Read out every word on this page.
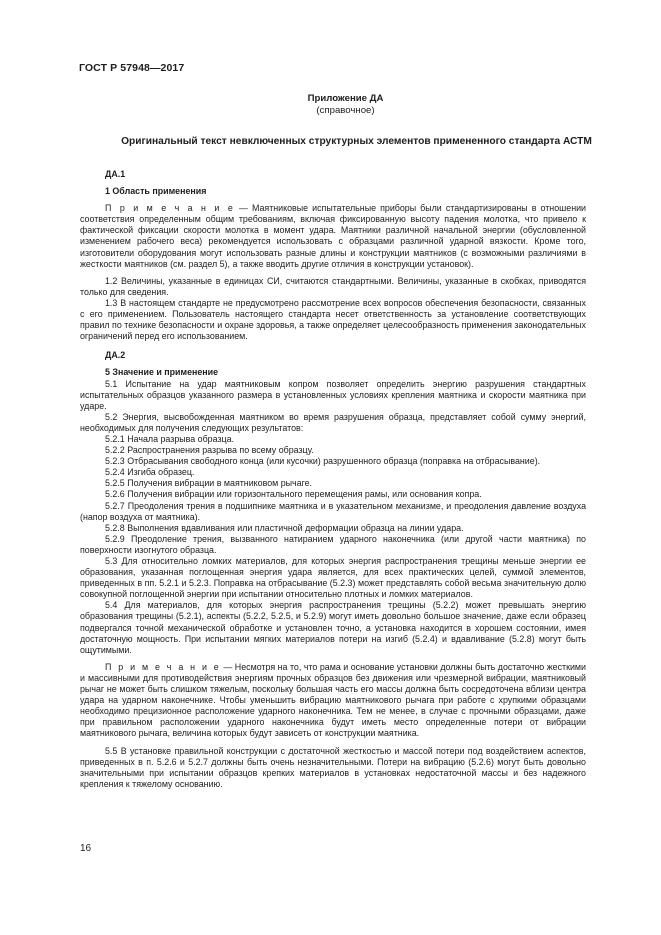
ГОСТ Р 57948—2017
Приложение ДА
(справочное)
Оригинальный текст невключенных структурных элементов примененного стандарта АСТМ

ДА.1

1 Область применения

П р и м е ч а н и е — Маятниковые испытательные приборы были стандартизированы в отношении соответствия определенным общим требованиям, включая фиксированную высоту падения молотка, что привело к фактической фиксации скорости молотка в момент удара. Маятники различной начальной энергии (обусловленной изменением рабочего веса) рекомендуется использовать с образцами различной ударной вязкости. Кроме того, изготовители оборудования могут использовать разные длины и конструкции маятников (с возможными различиями в жесткости маятников (см. раздел 5), а также вводить другие отличия в конструкции установок).

1.2 Величины, указанные в единицах СИ, считаются стандартными. Величины, указанные в скобках, приводятся только для сведения.

1.3 В настоящем стандарте не предусмотрено рассмотрение всех вопросов обеспечения безопасности, связанных с его применением. Пользователь настоящего стандарта несет ответственность за установление соответствующих правил по технике безопасности и охране здоровья, а также определяет целесообразность применения законодательных ограничений перед его использованием.

ДА.2

5 Значение и применение

5.1 Испытание на удар маятниковым копром позволяет определить энергию разрушения стандартных испытательных образцов указанного размера в установленных условиях крепления маятника и скорости маятника при ударе.

5.2 Энергия, высвобожденная маятником во время разрушения образца, представляет собой сумму энергий, необходимых для получения следующих результатов:

5.2.1 Начала разрыва образца.

5.2.2 Распространения разрыва по всему образцу.

5.2.3 Отбрасывания свободного конца (или кусочки) разрушенного образца (поправка на отбрасывание).

5.2.4 Изгиба образец.

5.2.5 Получения вибрации в маятниковом рычаге.

5.2.6 Получения вибрации или горизонтального перемещения рамы, или основания копра.

5.2.7 Преодоления трения в подшипнике маятника и в указательном механизме, и преодоления давление воздуха (напор воздуха от маятника).

5.2.8 Выполнения вдавливания или пластичной деформации образца на линии удара.

5.2.9 Преодоление трения, вызванного натиранием ударного наконечника (или другой части маятника) по поверхности изогнутого образца.

5.3 Для относительно ломких материалов, для которых энергия распространения трещины меньше энергии ее образования, указанная поглощенная энергия удара является, для всех практических целей, суммой элементов, приведенных в пп. 5.2.1 и 5.2.3. Поправка на отбрасывание (5.2.3) может представлять собой весьма значительную долю совокупной поглощенной энергии при испытании относительно плотных и ломких материалов.

5.4 Для материалов, для которых энергия распространения трещины (5.2.2) может превышать энергию образования трещины (5.2.1), аспекты (5.2.2, 5.2.5, и 5.2.9) могут иметь довольно большое значение, даже если образец подвергался точной механической обработке и установлен точно, а установка находится в хорошем состоянии, имея достаточную мощность. При испытании мягких материалов потери на изгиб (5.2.4) и вдавливание (5.2.8) могут быть ощутимыми.

П р и м е ч а н и е — Несмотря на то, что рама и основание установки должны быть достаточно жесткими и массивными для противодействия энергиям прочных образцов без движения или чрезмерной вибрации, маятниковый рычаг не может быть слишком тяжелым, поскольку большая часть его массы должна быть сосредоточена вблизи центра удара на ударном наконечнике. Чтобы уменьшить вибрацию маятникового рычага при работе с хрупкими образцами необходимо прецизионное расположение ударного наконечника. Тем не менее, в случае с прочными образцами, даже при правильном расположении ударного наконечника будут иметь место определенные потери от вибрации маятникового рычага, величина которых будут зависеть от конструкции маятника.

5.5 В установке правильной конструкции с достаточной жесткостью и массой потери под воздействием аспектов, приведенных в п. 5.2.6 и 5.2.7 должны быть очень незначительными. Потери на вибрацию (5.2.6) могут быть довольно значительными при испытании образцов крепких материалов в установках недостаточной массы и без надежного крепления к тяжелому основанию.

16
